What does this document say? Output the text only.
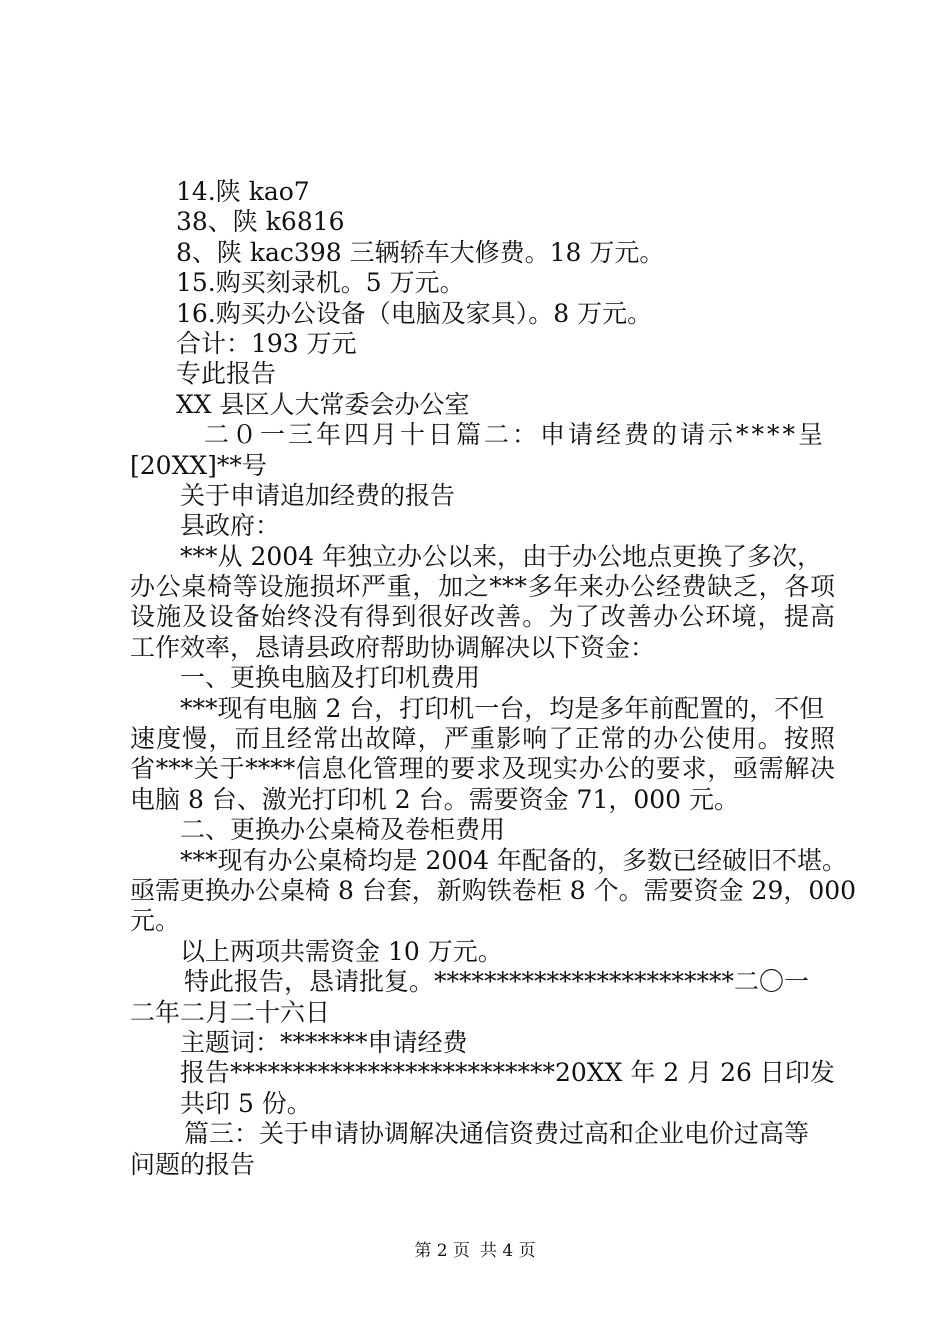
14.陕 kao7
38、陕 k6816
8、陕 kac398 三辆轿车大修费。18 万元。
15.购买刻录机。5 万元。
16.购买办公设备（电脑及家具）。8 万元。
合计：193 万元
专此报告
XX 县区人大常委会办公室
二０一三年四月十日篇二：申请经费的请示****呈
[20XX]**号
关于申请追加经费的报告
县政府：
***从 2004 年独立办公以来，由于办公地点更换了多次，
办公桌椅等设施损坏严重，加之***多年来办公经费缺乏，各项
设施及设备始终没有得到很好改善。为了改善办公环境，提高
工作效率，恳请县政府帮助协调解决以下资金：
一、更换电脑及打印机费用
***现有电脑 2 台，打印机一台，均是多年前配置的，不但
速度慢，而且经常出故障，严重影响了正常的办公使用。按照
省***关于****信息化管理的要求及现实办公的要求，亟需解决
电脑 8 台、激光打印机 2 台。需要资金 71，000 元。
二、更换办公桌椅及卷柜费用
***现有办公桌椅均是 2004 年配备的，多数已经破旧不堪。
亟需更换办公桌椅 8 台套，新购铁卷柜 8 个。需要资金 29，000
元。
以上两项共需资金 10 万元。
特此报告，恳请批复。************************二〇一
二年二月二十六日
主题词：*******申请经费
报告**************************20XX 年 2 月 26 日印发
共印 5 份。
篇三：关于申请协调解决通信资费过高和企业电价过高等
问题的报告
第 2 页 共 4 页
